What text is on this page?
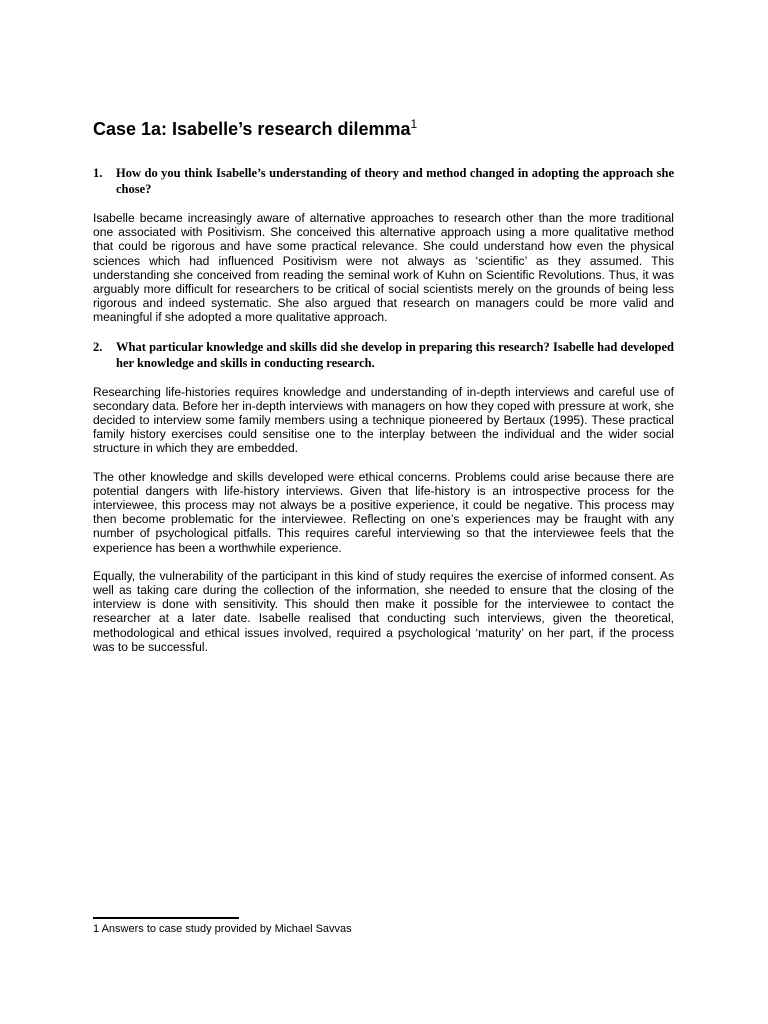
Case 1a: Isabelle’s research dilemma$^1$
1.	How do you think Isabelle’s understanding of theory and method changed in adopting the approach she chose?

Isabelle became increasingly aware of alternative approaches to research other than the more traditional one associated with Positivism. She conceived this alternative approach using a more qualitative method that could be rigorous and have some practical relevance. She could understand how even the physical sciences which had influenced Positivism were not always as ‘scientific’ as they assumed. This understanding she conceived from reading the seminal work of Kuhn on Scientific Revolutions. Thus, it was arguably more difficult for researchers to be critical of social scientists merely on the grounds of being less rigorous and indeed systematic. She also argued that research on managers could be more valid and meaningful if she adopted a more qualitative approach.

2.	What particular knowledge and skills did she develop in preparing this research? Isabelle had developed her knowledge and skills in conducting research.

Researching life-histories requires knowledge and understanding of in-depth interviews and careful use of secondary data. Before her in-depth interviews with managers on how they coped with pressure at work, she decided to interview some family members using a technique pioneered by Bertaux (1995). These practical family history exercises could sensitise one to the interplay between the individual and the wider social structure in which they are embedded.

The other knowledge and skills developed were ethical concerns. Problems could arise because there are potential dangers with life-history interviews. Given that life-history is an introspective process for the interviewee, this process may not always be a positive experience, it could be negative. This process may then become problematic for the interviewee. Reflecting on one’s experiences may be fraught with any number of psychological pitfalls. This requires careful interviewing so that the interviewee feels that the experience has been a worthwhile experience.

Equally, the vulnerability of the participant in this kind of study requires the exercise of informed consent. As well as taking care during the collection of the information, she needed to ensure that the closing of the interview is done with sensitivity. This should then make it possible for the interviewee to contact the researcher at a later date. Isabelle realised that conducting such interviews, given the theoretical, methodological and ethical issues involved, required a psychological ‘maturity’ on her part, if the process was to be successful.

1 Answers to case study provided by Michael Savvas
